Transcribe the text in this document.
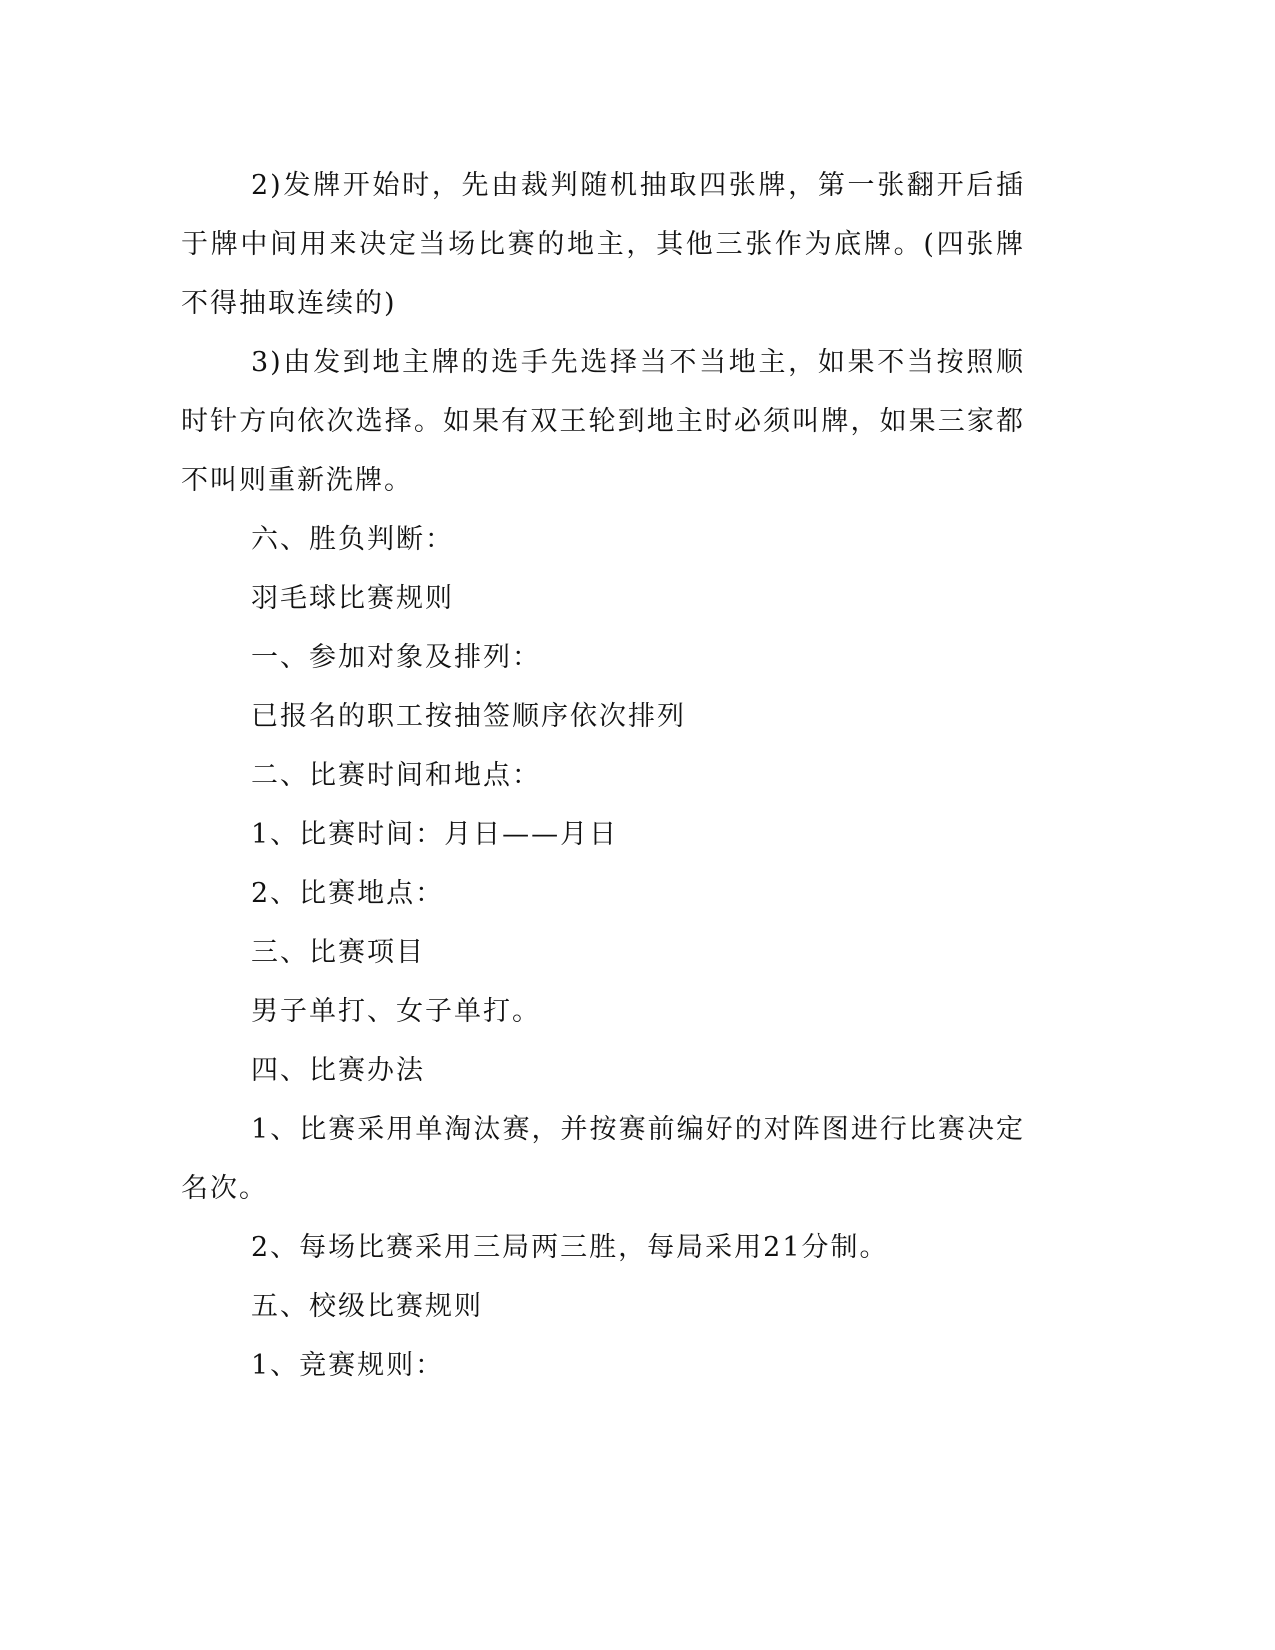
2)发牌开始时，先由裁判随机抽取四张牌，第一张翻开后插于牌中间用来决定当场比赛的地主，其他三张作为底牌。(四张牌不得抽取连续的)

3)由发到地主牌的选手先选择当不当地主，如果不当按照顺时针方向依次选择。如果有双王轮到地主时必须叫牌，如果三家都不叫则重新洗牌。

六、胜负判断：

羽毛球比赛规则

一、参加对象及排列：

已报名的职工按抽签顺序依次排列

二、比赛时间和地点：

1、比赛时间：月日——月日

2、比赛地点：

三、比赛项目

男子单打、女子单打。

四、比赛办法

1、比赛采用单淘汰赛，并按赛前编好的对阵图进行比赛决定名次。

2、每场比赛采用三局两三胜，每局采用21分制。

五、校级比赛规则

1、竞赛规则：
